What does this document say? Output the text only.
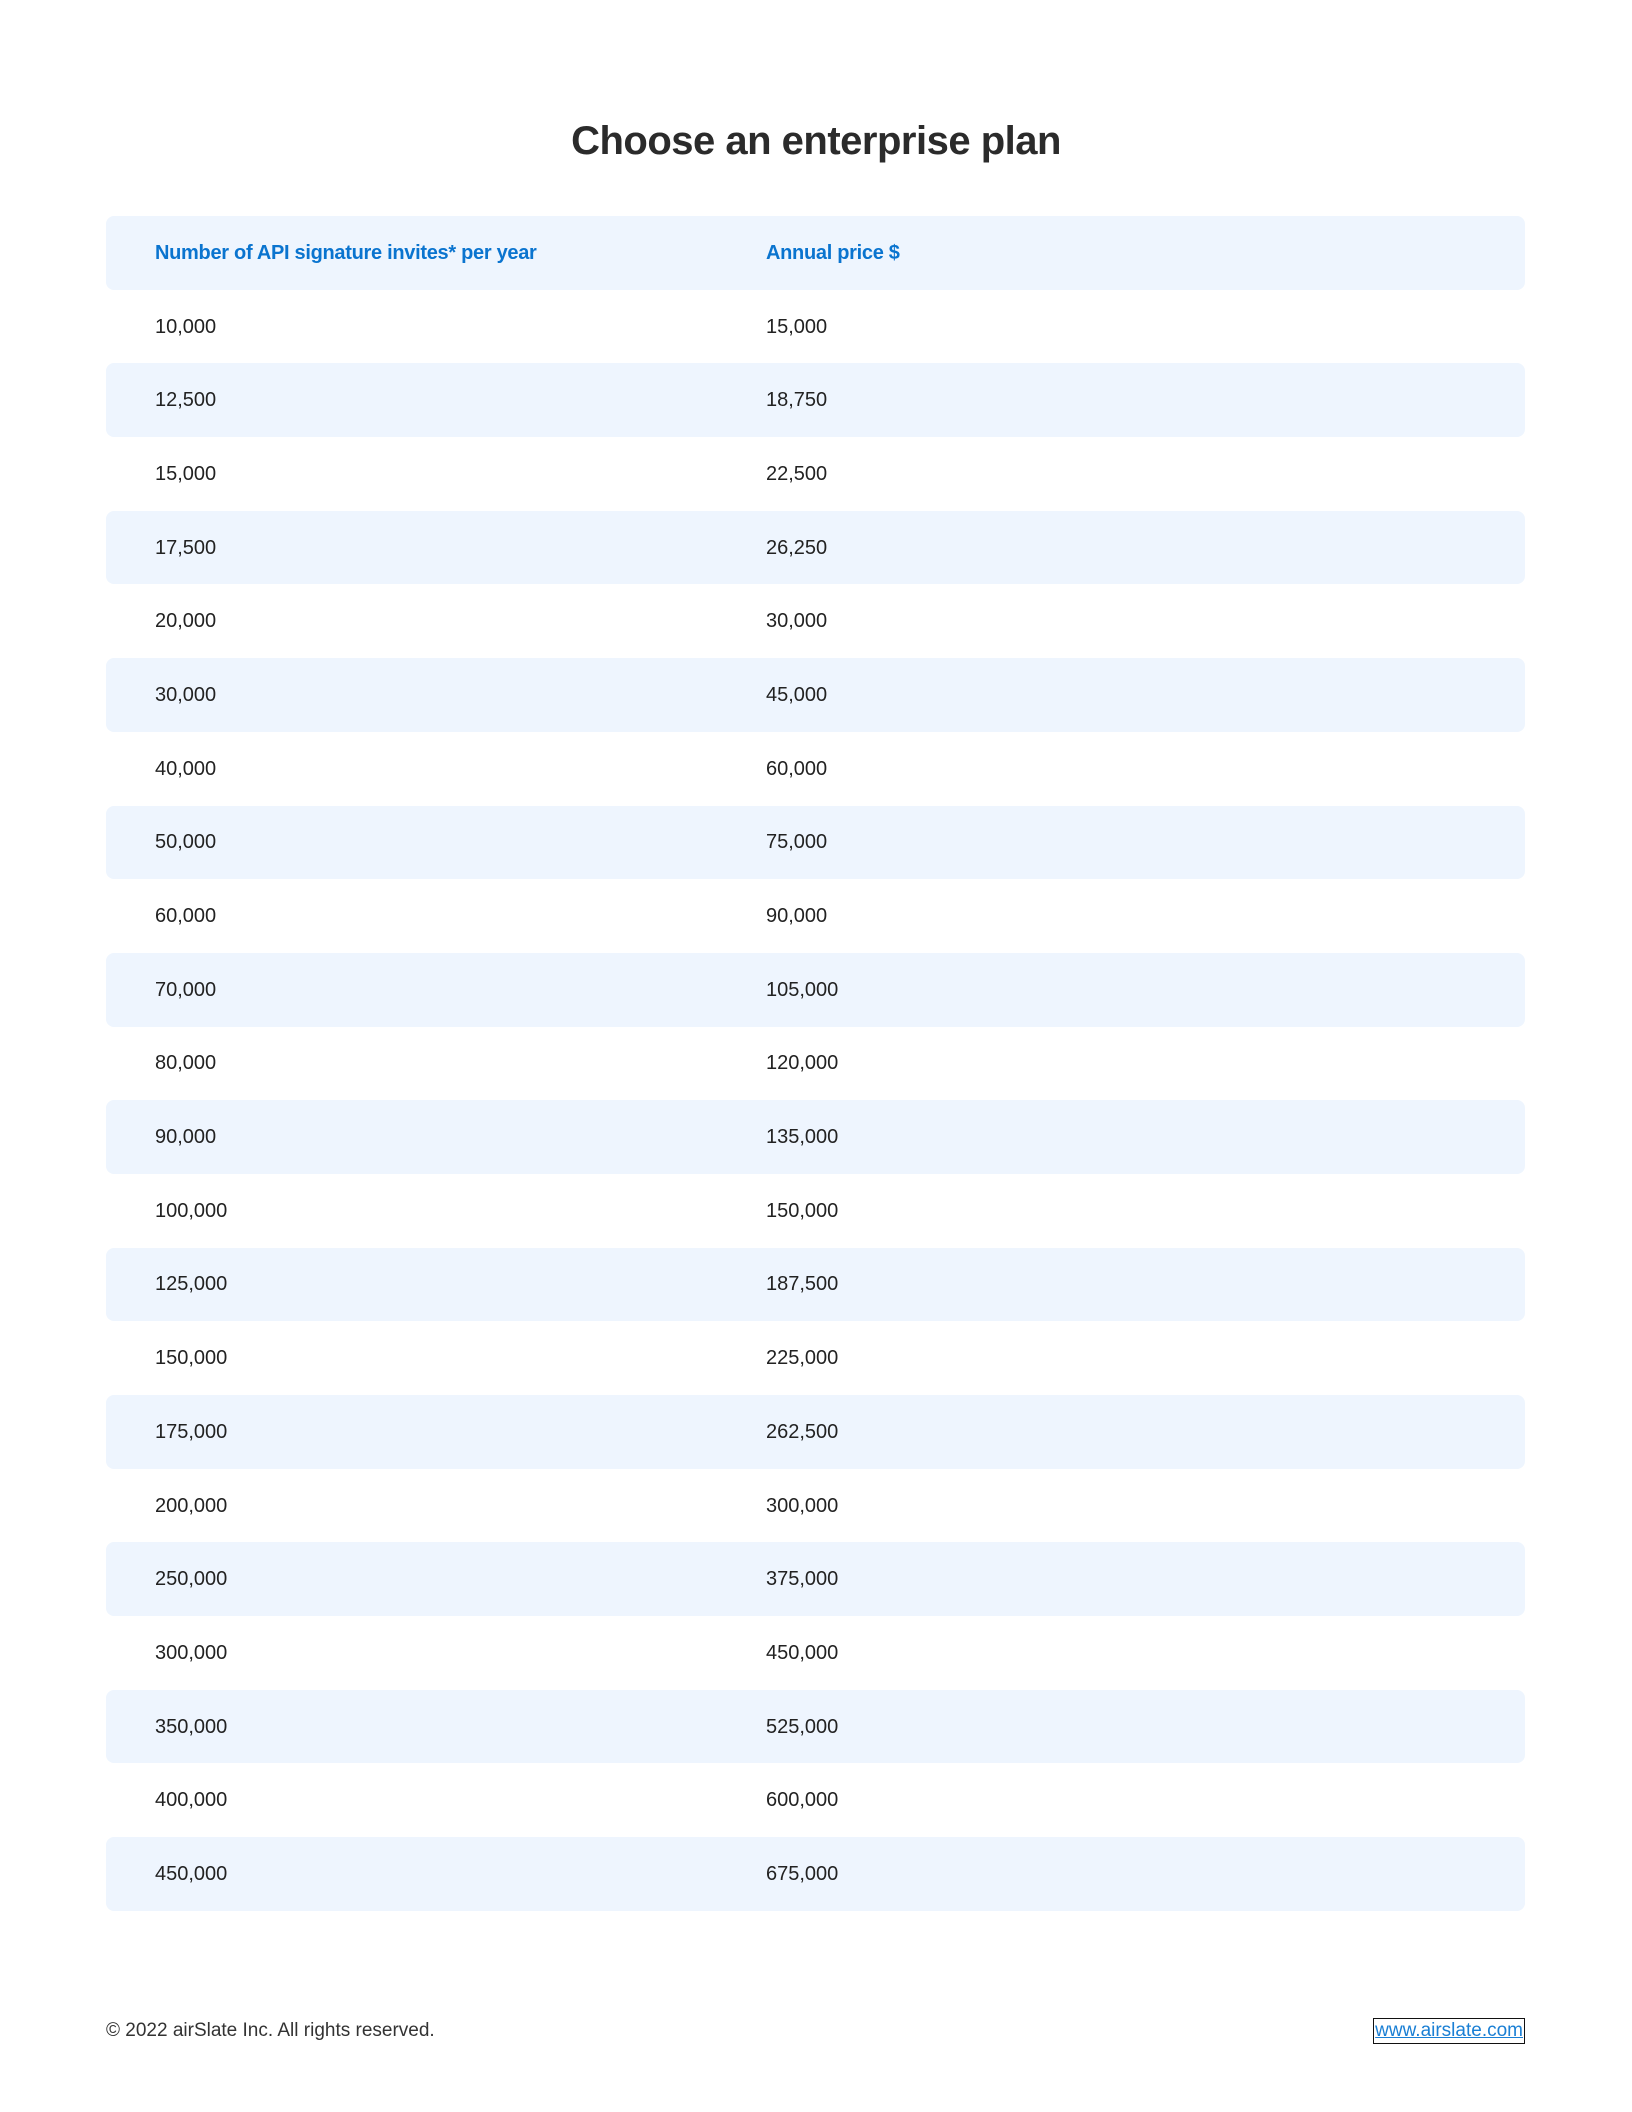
Choose an enterprise plan
Number of API signature invites* per year	Annual price $
10,000	15,000
12,500	18,750
15,000	22,500
17,500	26,250
20,000	30,000
30,000	45,000
40,000	60,000
50,000	75,000
60,000	90,000
70,000	105,000
80,000	120,000
90,000	135,000
100,000	150,000
125,000	187,500
150,000	225,000
175,000	262,500
200,000	300,000
250,000	375,000
300,000	450,000
350,000	525,000
400,000	600,000
450,000	675,000
© 2022 airSlate Inc. All rights reserved.	www.airslate.com
